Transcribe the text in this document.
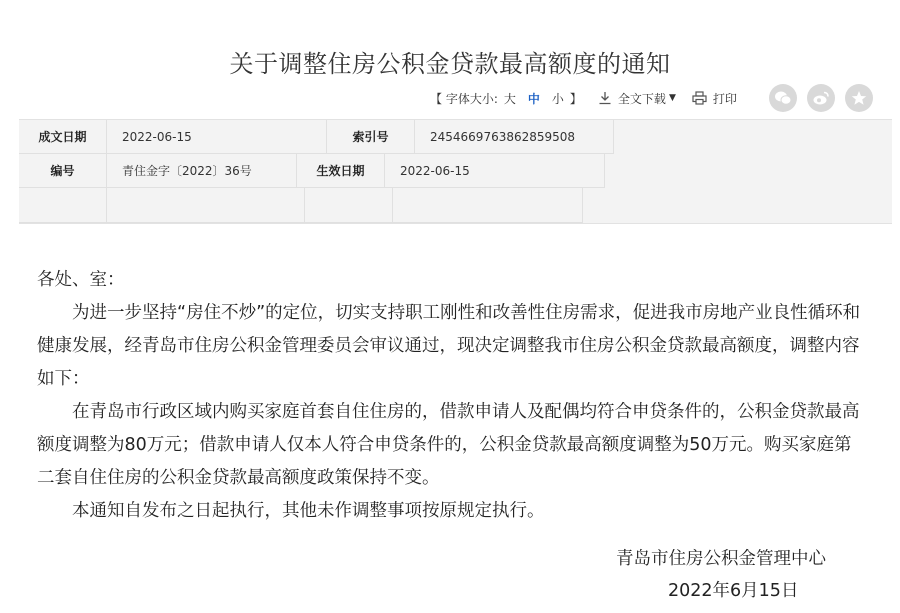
关于调整住房公积金贷款最高额度的通知
【 字体大小: 大 中 小 】	全文下载 ▼	打印
成文日期	2022-06-15	索引号	2454669763862859508
编号	青住金字〔2022〕36号	生效日期	2022-06-15

各处、室：

为进一步坚持“房住不炒”的定位，切实支持职工刚性和改善性住房需求，促进我市房地产业良性循环和健康发展，经青岛市住房公积金管理委员会审议通过，现决定调整我市住房公积金贷款最高额度，调整内容如下：

在青岛市行政区域内购买家庭首套自住住房的，借款申请人及配偶均符合申贷条件的，公积金贷款最高额度调整为80万元；借款申请人仅本人符合申贷条件的，公积金贷款最高额度调整为50万元。购买家庭第二套自住住房的公积金贷款最高额度政策保持不变。

本通知自发布之日起执行，其他未作调整事项按原规定执行。

青岛市住房公积金管理中心
2022年6月15日
